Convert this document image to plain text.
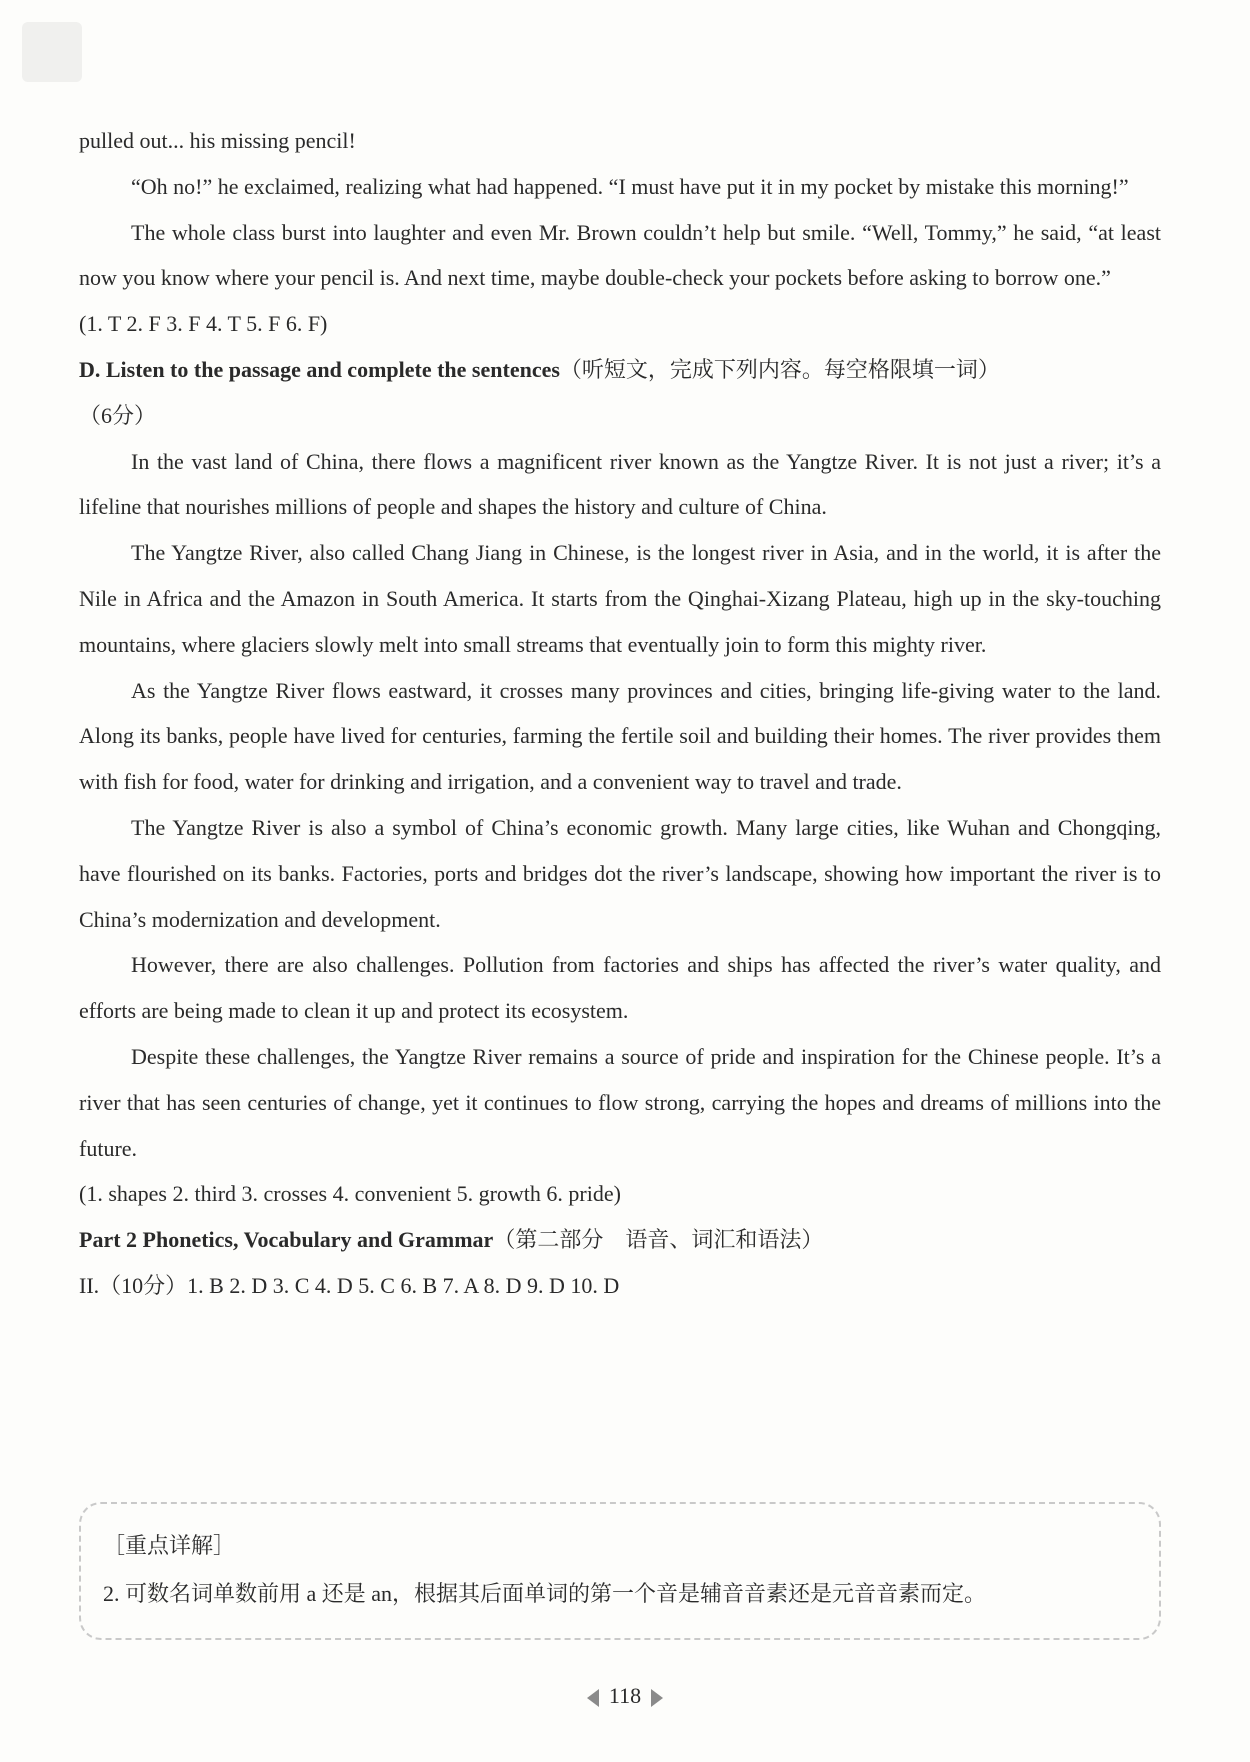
pulled out... his missing pencil!

“Oh no!” he exclaimed, realizing what had happened. “I must have put it in my pocket by mistake this morning!”

The whole class burst into laughter and even Mr. Brown couldn’t help but smile. “Well, Tommy,” he said, “at least now you know where your pencil is. And next time, maybe double-check your pockets before asking to borrow one.”

(1. T 2. F 3. F 4. T 5. F 6. F)

D. Listen to the passage and complete the sentences（听短文，完成下列内容。每空格限填一词）
（6分）

In the vast land of China, there flows a magnificent river known as the Yangtze River. It is not just a river; it’s a lifeline that nourishes millions of people and shapes the history and culture of China.

The Yangtze River, also called Chang Jiang in Chinese, is the longest river in Asia, and in the world, it is after the Nile in Africa and the Amazon in South America. It starts from the Qinghai-Xizang Plateau, high up in the sky-touching mountains, where glaciers slowly melt into small streams that eventually join to form this mighty river.

As the Yangtze River flows eastward, it crosses many provinces and cities, bringing life-giving water to the land. Along its banks, people have lived for centuries, farming the fertile soil and building their homes. The river provides them with fish for food, water for drinking and irrigation, and a convenient way to travel and trade.

The Yangtze River is also a symbol of China’s economic growth. Many large cities, like Wuhan and Chongqing, have flourished on its banks. Factories, ports and bridges dot the river’s landscape, showing how important the river is to China’s modernization and development.

However, there are also challenges. Pollution from factories and ships has affected the river’s water quality, and efforts are being made to clean it up and protect its ecosystem.

Despite these challenges, the Yangtze River remains a source of pride and inspiration for the Chinese people. It’s a river that has seen centuries of change, yet it continues to flow strong, carrying the hopes and dreams of millions into the future.

(1. shapes 2. third 3. crosses 4. convenient 5. growth 6. pride)

Part 2 Phonetics, Vocabulary and Grammar（第二部分　语音、词汇和语法）

II.（10分）1. B 2. D 3. C 4. D 5. C 6. B 7. A 8. D 9. D 10. D

［重点详解］
2. 可数名词单数前用 a 还是 an，根据其后面单词的第一个音是辅音音素还是元音音素而定。
118
